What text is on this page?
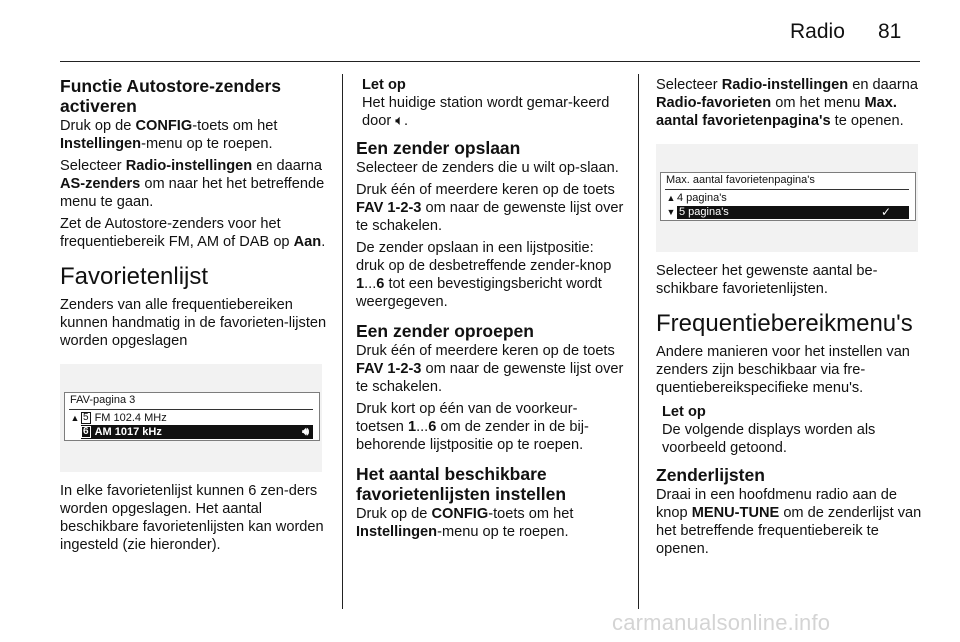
Radio 81
Functie Autostore-zenders activeren

Druk op de CONFIG-toets om het Instellingen-menu op te roepen.

Selecteer Radio-instellingen en daarna AS-zenders om naar het het betreffende menu te gaan.

Zet de Autostore-zenders voor het frequentiebereik FM, AM of DAB op Aan.

Favorietenlijst

Zenders van alle frequentiebereiken kunnen handmatig in de favorieten-lijsten worden opgeslagen

FAV-pagina 3
▲ 5 FM 102.4 MHz
6 AM 1017 kHz	🔊︎

In elke favorietenlijst kunnen 6 zen-ders worden opgeslagen. Het aantal beschikbare favorietenlijsten kan worden ingesteld (zie hieronder).

Let op

Het huidige station wordt gemar-keerd door 🔈︎.

Een zender opslaan

Selecteer de zenders die u wilt op-slaan.

Druk één of meerdere keren op de toets FAV 1-2-3 om naar de gewenste lijst over te schakelen.

De zender opslaan in een lijstpositie: druk op de desbetreffende zender-knop 1...6 tot een bevestigingsbericht wordt weergegeven.

Een zender oproepen

Druk één of meerdere keren op de toets FAV 1-2-3 om naar de gewenste lijst over te schakelen.

Druk kort op één van de voorkeur-toetsen 1...6 om de zender in de bij-behorende lijstpositie op te roepen.

Het aantal beschikbare favorietenlijsten instellen

Druk op de CONFIG-toets om het Instellingen-menu op te roepen.

Selecteer Radio-instellingen en daarna Radio-favorieten om het menu Max. aantal favorietenpagina's te openen.

Max. aantal favorietenpagina's
▲ 4 pagina's
▼ 5 pagina's	✓

Selecteer het gewenste aantal be-schikbare favorietenlijsten.

Frequentiebereikmenu's

Andere manieren voor het instellen van zenders zijn beschikbaar via fre-quentiebereikspecifieke menu's.

Let op

De volgende displays worden als voorbeeld getoond.

Zenderlijsten

Draai in een hoofdmenu radio aan de knop MENU-TUNE om de zenderlijst van het betreffende frequentiebereik te openen.

carmanualsonline.info
